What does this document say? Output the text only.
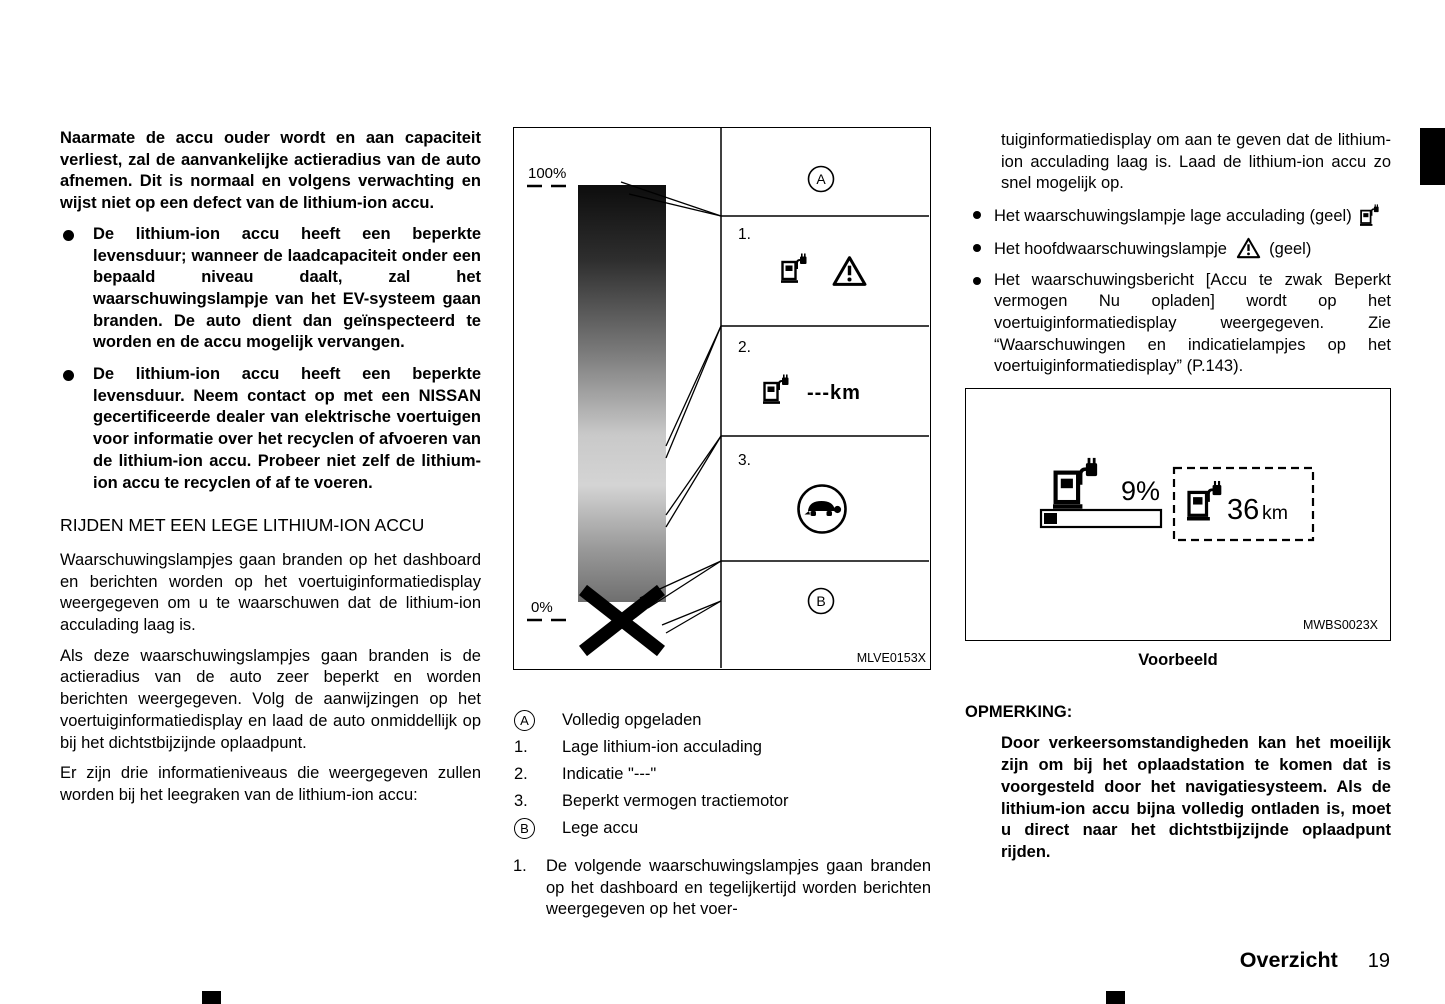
Naarmate de accu ouder wordt en aan capaciteit verliest, zal de aanvankelijke actieradius van de auto afnemen. Dit is normaal en volgens verwachting en wijst niet op een defect van de lithium-ion accu.

De lithium-ion accu heeft een beperkte levensduur; wanneer de laadcapaciteit onder een bepaald niveau daalt, zal het waarschuwingslampje van het EV-systeem gaan branden. De auto dient dan geïnspecteerd te worden en de accu mogelijk vervangen.

De lithium-ion accu heeft een beperkte levensduur. Neem contact op met een NISSAN gecertificeerde dealer van elektrische voertuigen voor informatie over het recyclen of afvoeren van de lithium-ion accu. Probeer niet zelf de lithium-ion accu te recyclen of af te voeren.

RIJDEN MET EEN LEGE LITHIUM-ION ACCU

Waarschuwingslampjes gaan branden op het dashboard en berichten worden op het voertuiginformatiedisplay weergegeven om u te waarschuwen dat de lithium-ion acculading laag is.

Als deze waarschuwingslampjes gaan branden is de actieradius van de auto zeer beperkt en worden berichten weergegeven. Volg de aanwijzingen op het voertuiginformatiedisplay en laad de auto onmiddellijk op bij het dichtstbijzijnde oplaadpunt.

Er zijn drie informatieniveaus die weergegeven zullen worden bij het leegraken van de lithium-ion accu:

100%
0%
A
1.
2.
---km
3.
B
MLVE0153X
A	Volledig opgeladen
1.	Lage lithium-ion acculading
2.	Indicatie "---"
3.	Beperkt vermogen tractiemotor
B	Lege accu
1.	De volgende waarschuwingslampjes gaan branden op het dashboard en tegelijkertijd worden berichten weergegeven op het voer-

tuiginformatiedisplay om aan te geven dat de lithium-ion acculading laag is. Laad de lithium-ion accu zo snel mogelijk op.

Het waarschuwingslampje lage acculading (geel)

Het hoofdwaarschuwingslampje	(geel)

Het waarschuwingsbericht [Accu te zwak Beperkt vermogen Nu opladen] wordt op het voertuiginformatiedisplay weergegeven. Zie “Waarschuwingen en indicatielampjes op het voertuiginformatiedisplay” (P.143).

9%
36 km
MWBS0023X
Voorbeeld
OPMERKING:

Door verkeersomstandigheden kan het moeilijk zijn om bij het oplaadstation te komen dat is voorgesteld door het navigatiesysteem. Als de lithium-ion accu bijna volledig ontladen is, moet u direct naar het dichtstbijzijnde oplaadpunt rijden.

Overzicht 19
